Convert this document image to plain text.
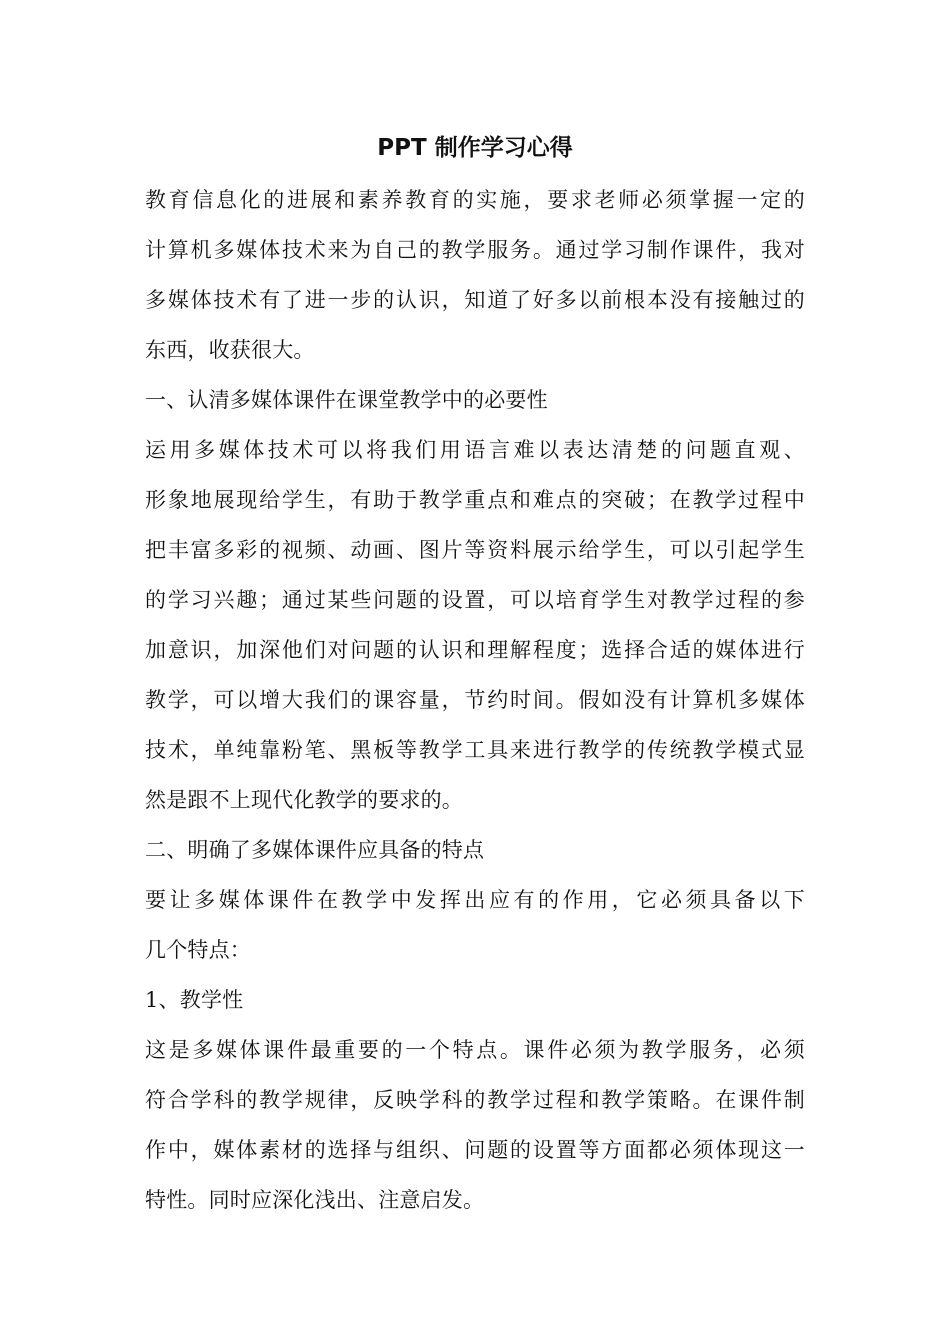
PPT 制作学习心得
教育信息化的进展和素养教育的实施，要求老师必须掌握一定的
计算机多媒体技术来为自己的教学服务。通过学习制作课件，我对
多媒体技术有了进一步的认识，知道了好多以前根本没有接触过的
东西，收获很大。
一、认清多媒体课件在课堂教学中的必要性
运用多媒体技术可以将我们用语言难以表达清楚的问题直观、
形象地展现给学生，有助于教学重点和难点的突破；在教学过程中
把丰富多彩的视频、动画、图片等资料展示给学生，可以引起学生
的学习兴趣；通过某些问题的设置，可以培育学生对教学过程的参
加意识，加深他们对问题的认识和理解程度；选择合适的媒体进行
教学，可以增大我们的课容量，节约时间。假如没有计算机多媒体
技术，单纯靠粉笔、黑板等教学工具来进行教学的传统教学模式显
然是跟不上现代化教学的要求的。
二、明确了多媒体课件应具备的特点
要让多媒体课件在教学中发挥出应有的作用，它必须具备以下
几个特点：
1、教学性
这是多媒体课件最重要的一个特点。课件必须为教学服务，必须
符合学科的教学规律，反映学科的教学过程和教学策略。在课件制
作中，媒体素材的选择与组织、问题的设置等方面都必须体现这一
特性。同时应深化浅出、注意启发。
